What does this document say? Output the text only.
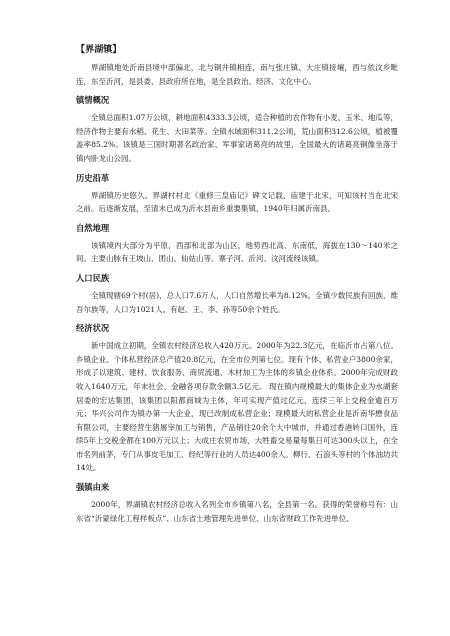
【界湖镇】

界湖镇地处沂南县境中部偏北，北与铜井镇相连，南与张庄镇、大庄镇接壤，西与依汶乡毗连，东至沂河，是县委、县政府所在地，是全县政治、经济、文化中心。

镇情概况

全镇总面积1.07万公顷，耕地面积4333.3公顷，适合种植的农作物有小麦、玉米、地瓜等，经济作物主要有水稻、花生、大田菜等。全镇水域面积311.2公顷，荒山面积312.6公顷，植被覆盖率85.2%。该镇是三国时期著名政治家、军事家诸葛亮的故里，全国最大的诸葛亮铜像坐落于镇内卧龙山公园。

历史沿革

界湖镇历史悠久。界湖村村北《重修三皇庙记》碑文记载，庙建于北宋，可知该村当在北宋之前。后逐渐发展，至清末已成为沂水县南乡重要集镇，1940年归属沂南县。

自然地理

该镇境内大部分为平原，西部和北部为山区，地势西北高、东南低，海拔在130～140米之间。主要山脉有王坡山、团山、仙姑山等。寨子河、沂河、汶河流经该镇。

人口民族

全镇现辖69个村(居)，总人口7.6万人，人口自然增长率为8.12%。全镇少数民族有回族、维吾尔族等，人口为1021人。有赵、王、李、孙等50余个姓氏。

经济状况

新中国成立初期，全镇农村经济总收入420万元。2000年为22.3亿元，在临沂市占第八位。乡镇企业、个体私营经济总产值20.8亿元，在全市位列第七位。现有个体、私营业户3800余家，形成了以建筑、建材、饮食服务、商贸流通、木材加工为主体的乡镇企业体系。2000年完成财政收入1640万元，年末社会、金融各项存款余额3.5亿元。 现在镇内规模最大的集体企业为水湖套居委的宏达集团，该集团以阳都商城为主体，年可实现产值过亿元，连续三年上交税金逾百万元；华兴公司作为镇办第一大企业，现已改制成私营企业；现模最大的私营企业是沂南华懋食品有限公司，主要经营生猪屠宰加工与销售，产品销往20余个大中城市，并通过香港转口国外，连续5年上交税金都在100万元以上；大成庄农贸市场，大牲畜交易量每集日可达300头以上，在全市名列前茅，专门从事皮毛加工、经纪等行业的人员达400余人。柳行、石浪头等村的个体油坊共14处。

强镇由来

2000年，界湖镇农村经济总收入名列全市乡镇第八名，全县第一名。获得的荣誉称号有：山东省“沂蒙绿化工程样板点”、山东省土地管理先进单位、山东省财政工作先进单位、
